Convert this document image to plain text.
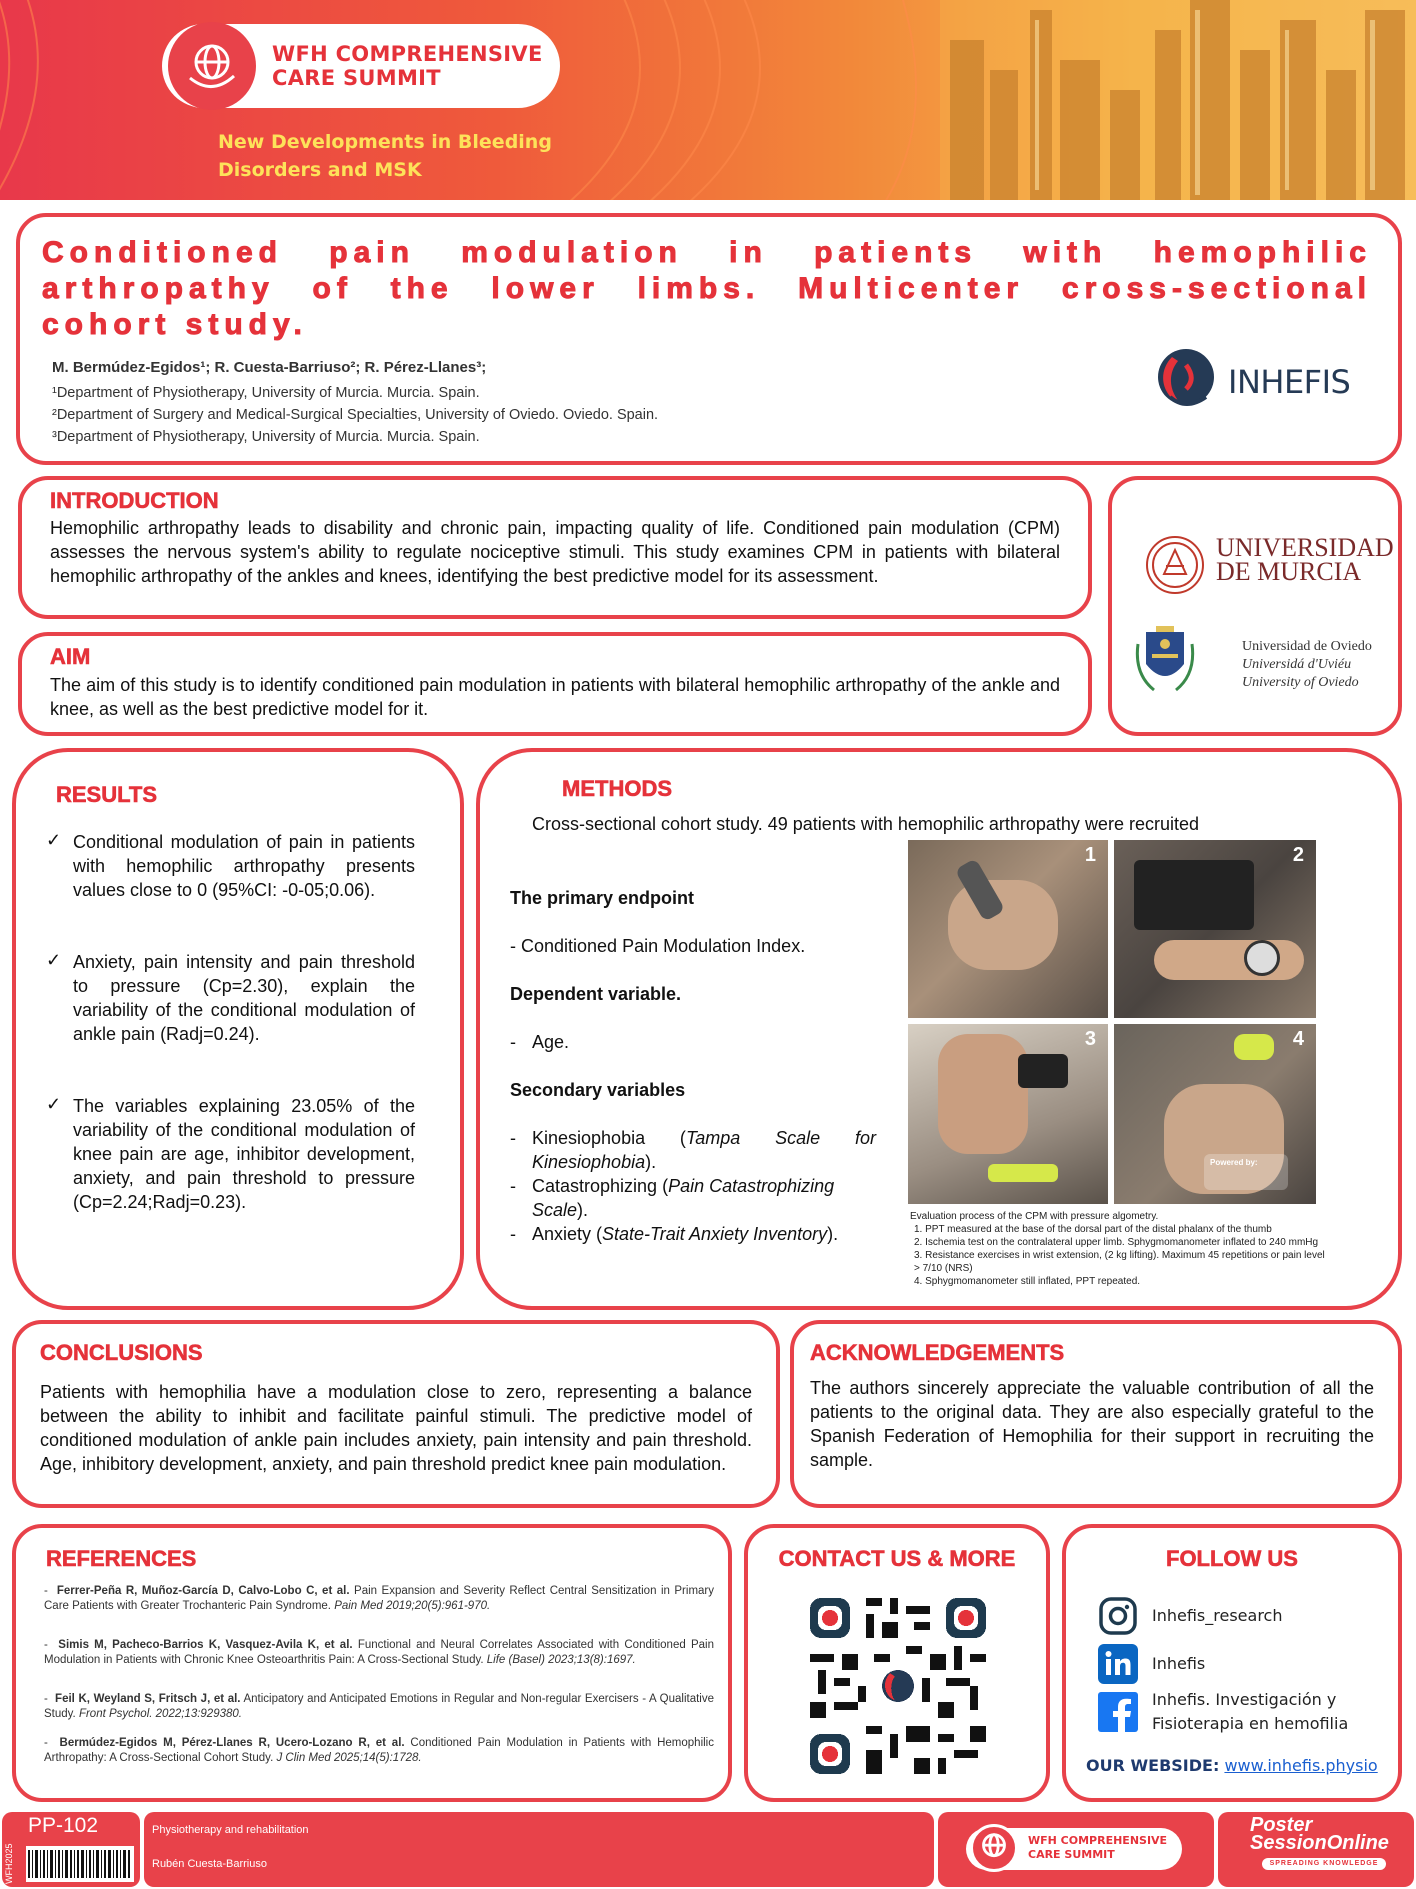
WFH COMPREHENSIVE
CARE SUMMIT
New Developments in Bleeding
Disorders and MSK
Conditioned pain modulation in patients with hemophilic arthropathy of the lower limbs. Multicenter cross-sectional cohort study.
M. Bermúdez-Egidos¹; R. Cuesta-Barriuso²; R. Pérez-Llanes³;
¹Department of Physiotherapy, University of Murcia. Murcia. Spain.
²Department of Surgery and Medical-Surgical Specialties, University of Oviedo. Oviedo. Spain.
³Department of Physiotherapy, University of Murcia. Murcia. Spain.
INHEFIS
INTRODUCTION
Hemophilic arthropathy leads to disability and chronic pain, impacting quality of life. Conditioned pain modulation (CPM) assesses the nervous system's ability to regulate nociceptive stimuli. This study examines CPM in patients with bilateral hemophilic arthropathy of the ankles and knees, identifying the best predictive model for its assessment.
AIM
The aim of this study is to identify conditioned pain modulation in patients with bilateral hemophilic arthropathy of the ankle and knee, as well as the best predictive model for it.
UNIVERSIDAD
DE MURCIA
Universidad de Oviedo
Universidá d'Uviéu
University of Oviedo
RESULTS
✓ Conditional modulation of pain in patients with hemophilic arthropathy presents values close to 0 (95%CI: -0-05;0.06).
✓ Anxiety, pain intensity and pain threshold to pressure (Cp=2.30), explain the variability of the conditional modulation of ankle pain (Radj=0.24).
✓ The variables explaining 23.05% of the variability of the conditional modulation of knee pain are age, inhibitor development, anxiety, and pain threshold to pressure (Cp=2.24;Radj=0.23).
METHODS
Cross-sectional cohort study. 49 patients with hemophilic arthropathy were recruited
The primary endpoint
- Conditioned Pain Modulation Index.
Dependent variable.
- Age.
Secondary variables
- Kinesiophobia (Tampa Scale for Kinesiophobia).
- Catastrophizing (Pain Catastrophizing Scale).
- Anxiety (State-Trait Anxiety Inventory).
1	2
3
Powered by:
4
Evaluation process of the CPM with pressure algometry.
1. PPT measured at the base of the dorsal part of the distal phalanx of the thumb
2. Ischemia test on the contralateral upper limb. Sphygmomanometer inflated to 240 mmHg
3. Resistance exercises in wrist extension, (2 kg lifting). Maximum 45 repetitions or pain level > 7/10 (NRS)
4. Sphygmomanometer still inflated, PPT repeated.
CONCLUSIONS
Patients with hemophilia have a modulation close to zero, representing a balance between the ability to inhibit and facilitate painful stimuli. The predictive model of conditioned modulation of ankle pain includes anxiety, pain intensity and pain threshold. Age, inhibitory development, anxiety, and pain threshold predict knee pain modulation.
ACKNOWLEDGEMENTS
The authors sincerely appreciate the valuable contribution of all the patients to the original data. They are also especially grateful to the Spanish Federation of Hemophilia for their support in recruiting the sample.
REFERENCES
-  Ferrer-Peña R, Muñoz-García D, Calvo-Lobo C, et al. Pain Expansion and Severity Reflect Central Sensitization in Primary Care Patients with Greater Trochanteric Pain Syndrome. Pain Med 2019;20(5):961-970.
-  Simis M, Pacheco-Barrios K, Vasquez-Avila K, et al. Functional and Neural Correlates Associated with Conditioned Pain Modulation in Patients with Chronic Knee Osteoarthritis Pain: A Cross-Sectional Study. Life (Basel) 2023;13(8):1697.
-  Feil K, Weyland S, Fritsch J, et al. Anticipatory and Anticipated Emotions in Regular and Non-regular Exercisers - A Qualitative Study. Front Psychol. 2022;13:929380.
-  Bermúdez-Egidos M, Pérez-Llanes R, Ucero-Lozano R, et al. Conditioned Pain Modulation in Patients with Hemophilic Arthropathy: A Cross-Sectional Cohort Study. J Clin Med 2025;14(5):1728.
CONTACT US & MORE	FOLLOW US
Inhefis_research
Inhefis
Inhefis. Investigación y
Fisioterapia en hemofilia
OUR WEBSIDE: www.inhefis.physio
WFH2025
PP-102	Physiotherapy and rehabilitation
Rubén Cuesta-Barriuso
WFH COMPREHENSIVE
CARE SUMMIT
Poster
SessionOnline
SPREADING KNOWLEDGE
